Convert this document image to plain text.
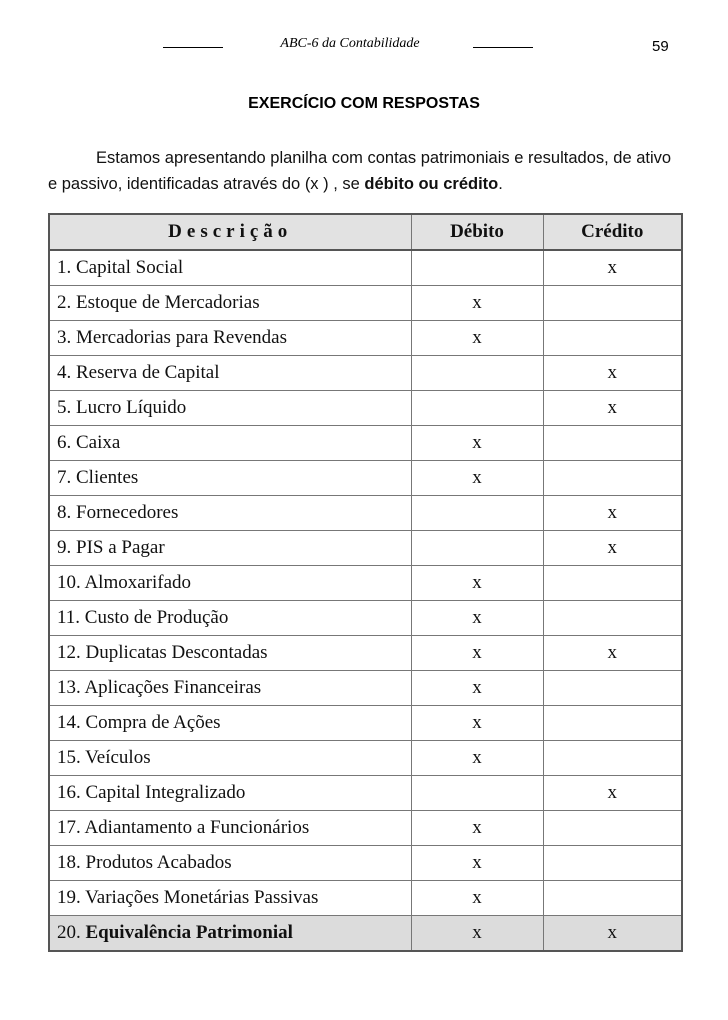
ABC-6 da Contabilidade	59
EXERCÍCIO COM RESPOSTAS
Estamos apresentando planilha com contas patrimoniais e resultados, de ativo e passivo, identificadas através do (x ) , se débito ou crédito.
Descrição	Débito	Crédito
1. Capital Social		x
2. Estoque de Mercadorias	x	
3. Mercadorias para Revendas	x	
4. Reserva de Capital		x
5. Lucro Líquido		x
6. Caixa	x	
7. Clientes	x	
8. Fornecedores		x
9. PIS a Pagar		x
10. Almoxarifado	x	
11. Custo de Produção	x	
12. Duplicatas Descontadas	x	x
13. Aplicações Financeiras	x	
14. Compra de Ações	x	
15. Veículos	x	
16. Capital Integralizado		x
17. Adiantamento a Funcionários	x	
18. Produtos Acabados	x	
19. Variações Monetárias Passivas	x	
20. Equivalência Patrimonial	x	x
